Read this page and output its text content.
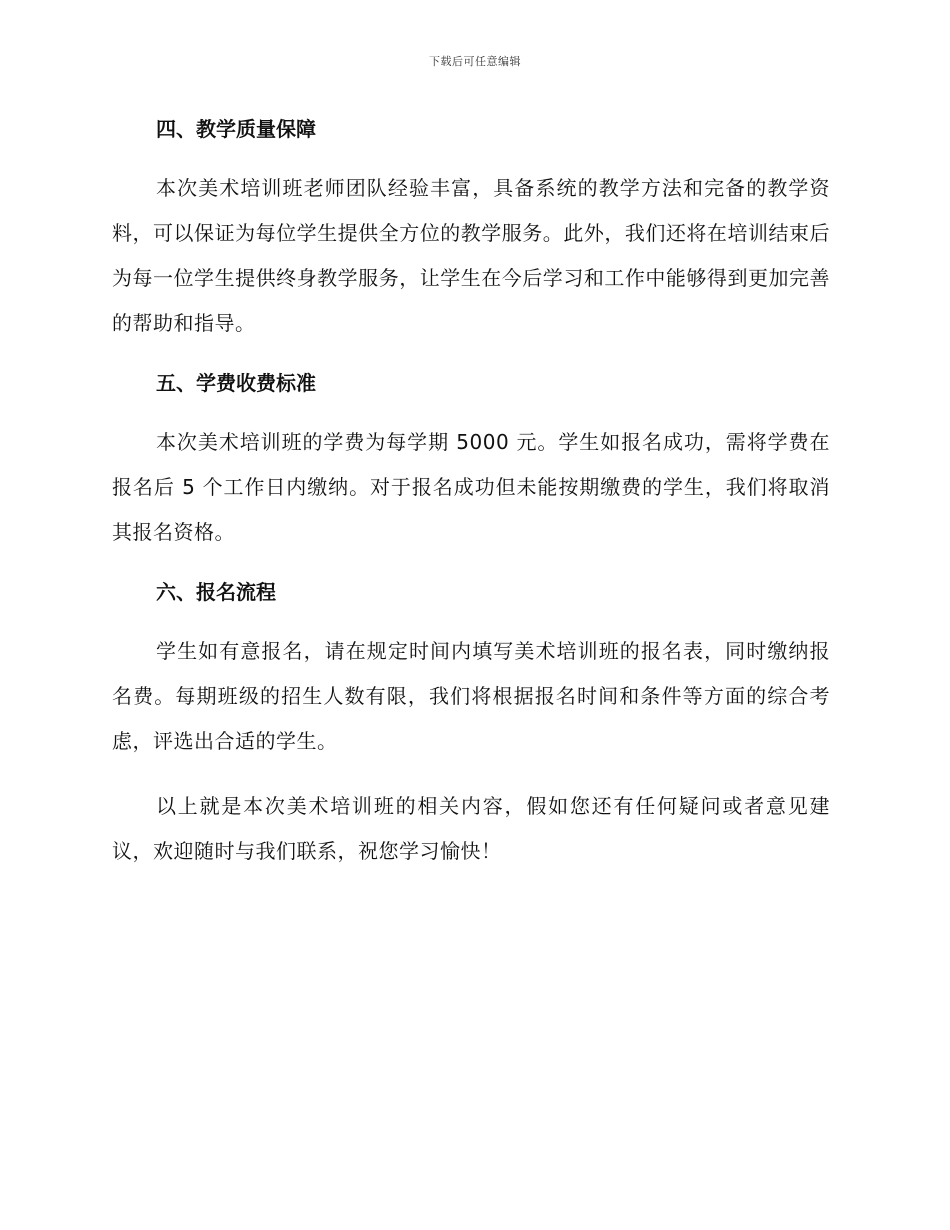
下载后可任意编辑
四、教学质量保障

本次美术培训班老师团队经验丰富，具备系统的教学方法和完备的教学资料，可以保证为每位学生提供全方位的教学服务。此外，我们还将在培训结束后为每一位学生提供终身教学服务，让学生在今后学习和工作中能够得到更加完善的帮助和指导。

五、学费收费标准

本次美术培训班的学费为每学期 5000 元。学生如报名成功，需将学费在报名后 5 个工作日内缴纳。对于报名成功但未能按期缴费的学生，我们将取消其报名资格。

六、报名流程

学生如有意报名，请在规定时间内填写美术培训班的报名表，同时缴纳报名费。每期班级的招生人数有限，我们将根据报名时间和条件等方面的综合考虑，评选出合适的学生。

以上就是本次美术培训班的相关内容，假如您还有任何疑问或者意见建议，欢迎随时与我们联系，祝您学习愉快！
